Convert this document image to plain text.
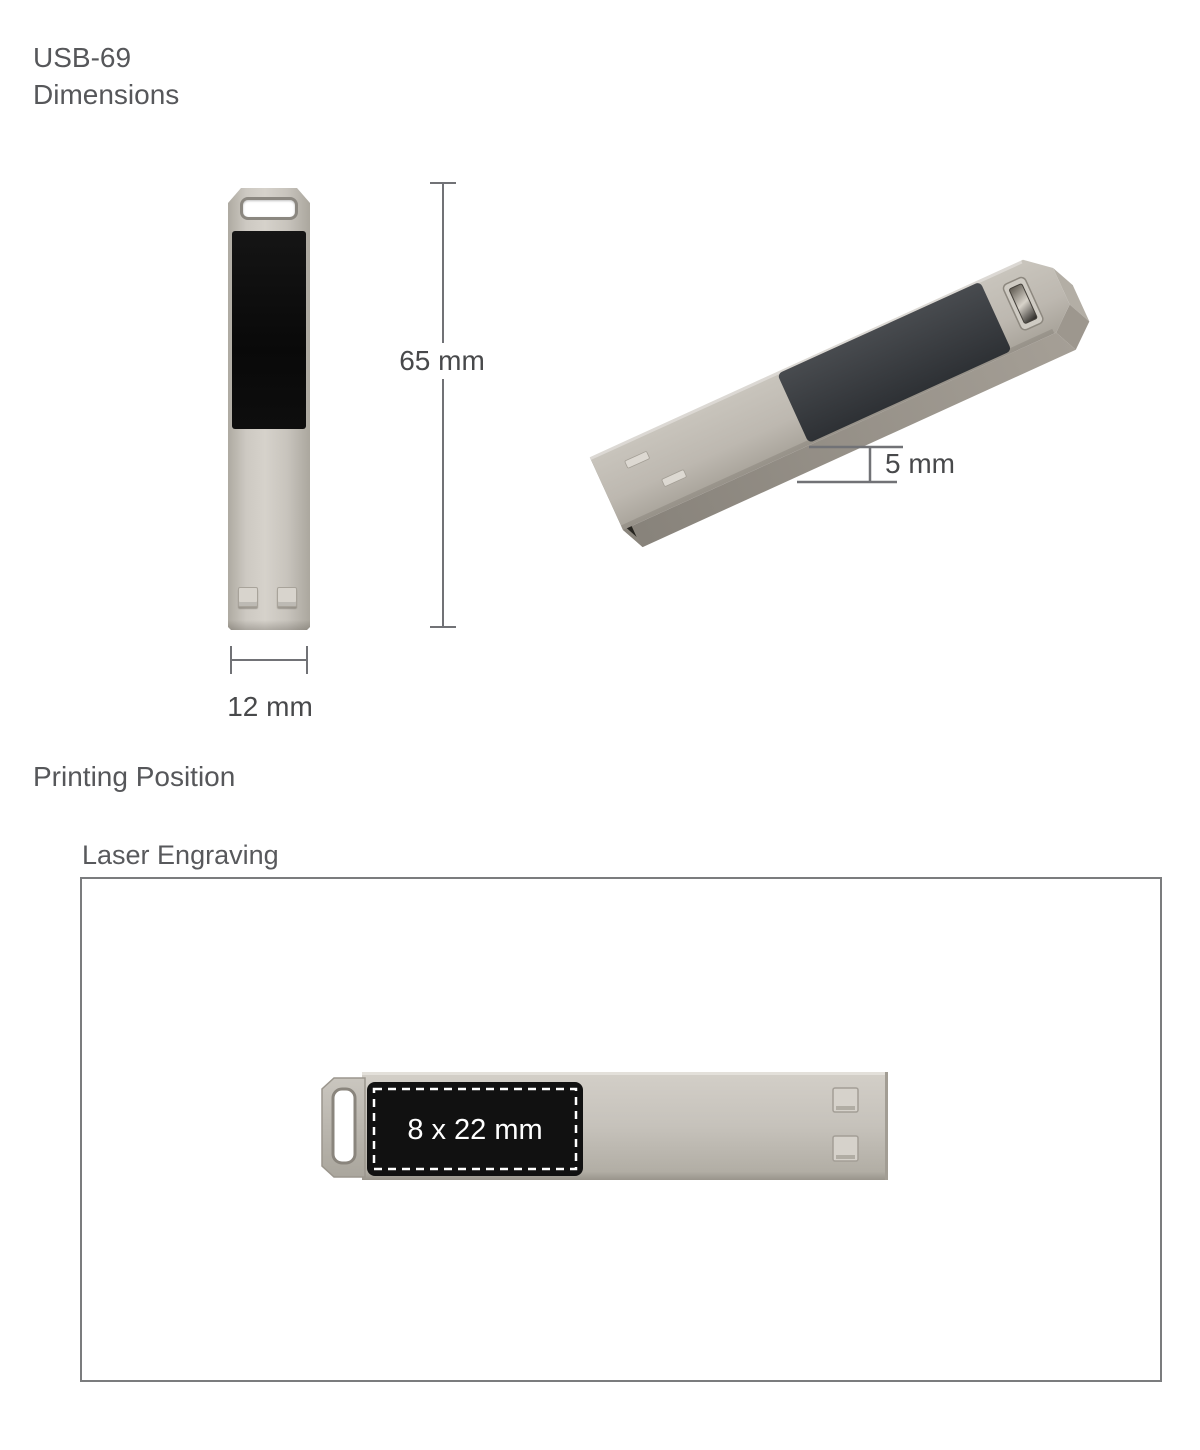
USB-69
Dimensions
65 mm
12 mm
5 mm
Printing Position
Laser Engraving
8 x 22 mm
